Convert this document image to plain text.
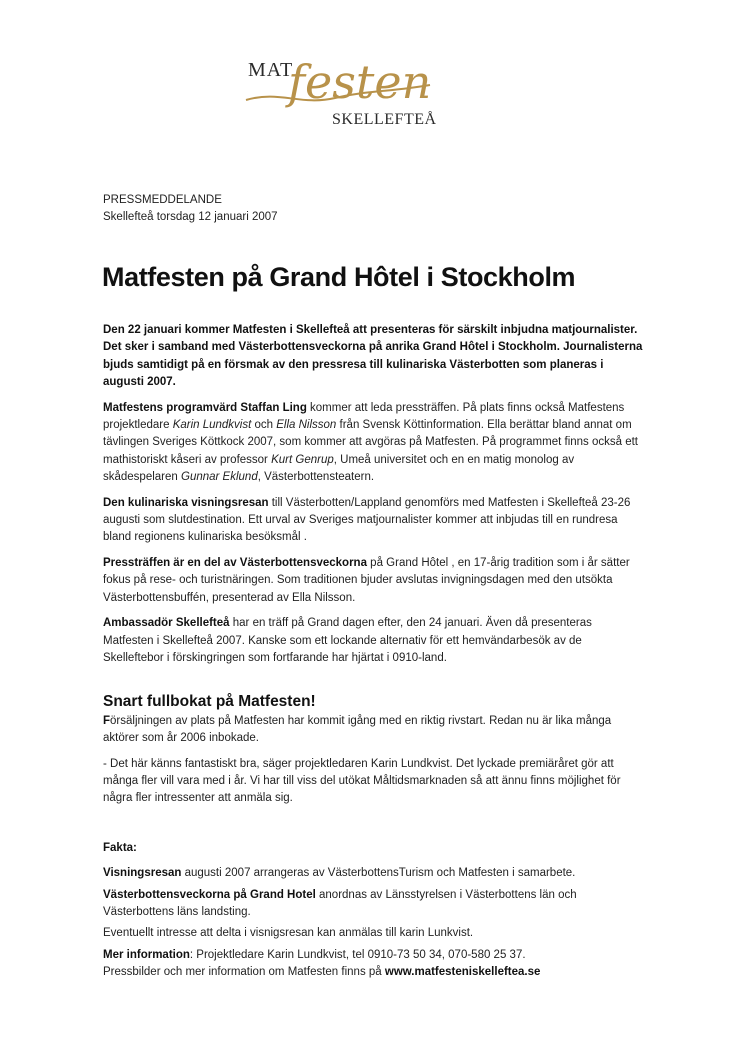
MAT
festen
SKELLEFTEÅ
PRESSMEDDELANDE
Skellefteå torsdag 12 januari 2007
Matfesten på Grand Hôtel i Stockholm

Den 22 januari kommer Matfesten i Skellefteå att presenteras för särskilt inbjudna matjournalister. Det sker i samband med Västerbottensveckorna på anrika Grand Hôtel i Stockholm. Journalisterna bjuds samtidigt på en försmak av den pressresa till kulinariska Västerbotten som planeras i augusti 2007.

Matfestens programvärd Staffan Ling kommer att leda pressträffen. På plats finns också Matfestens projektledare Karin Lundkvist och Ella Nilsson från Svensk Köttinformation. Ella berättar bland annat om tävlingen Sveriges Köttkock 2007, som kommer att avgöras på Matfesten. På programmet finns också ett mathistoriskt kåseri av professor Kurt Genrup, Umeå universitet och en en matig monolog av skådespelaren Gunnar Eklund, Västerbottensteatern.

Den kulinariska visningsresan till Västerbotten/Lappland genomförs med Matfesten i Skellefteå 23-26 augusti som slutdestination. Ett urval av Sveriges matjournalister kommer att inbjudas till en rundresa bland regionens kulinariska besöksmål .

Pressträffen är en del av Västerbottensveckorna på Grand Hôtel , en 17-årig tradition som i år sätter fokus på rese- och turistnäringen. Som traditionen bjuder avslutas invigningsdagen med den utsökta Västerbottensbuffén, presenterad av Ella Nilsson.

Ambassadör Skellefteå har en träff på Grand dagen efter, den 24 januari. Även då presenteras Matfesten i Skellefteå 2007. Kanske som ett lockande alternativ för ett hemvändarbesök av de Skelleftebor i förskingringen som fortfarande har hjärtat i 0910-land.

Snart fullbokat på Matfesten!

Försäljningen av plats på Matfesten har kommit igång med en riktig rivstart. Redan nu är lika många aktörer som år 2006 inbokade.

- Det här känns fantastiskt bra, säger projektledaren Karin Lundkvist. Det lyckade premiäråret gör att många fler vill vara med i år. Vi har till viss del utökat Måltidsmarknaden så att ännu finns möjlighet för några fler intressenter att anmäla sig.

Fakta:

Visningsresan augusti 2007 arrangeras av VästerbottensTurism och Matfesten i samarbete.

Västerbottensveckorna på Grand Hotel anordnas av Länsstyrelsen i Västerbottens län och Västerbottens läns landsting.

Eventuellt intresse att delta i visnigsresan kan anmälas till karin Lunkvist.

Mer information: Projektledare Karin Lundkvist, tel 0910-73 50 34, 070-580 25 37.

Pressbilder och mer information om Matfesten finns på www.matfesteniskelleftea.se
